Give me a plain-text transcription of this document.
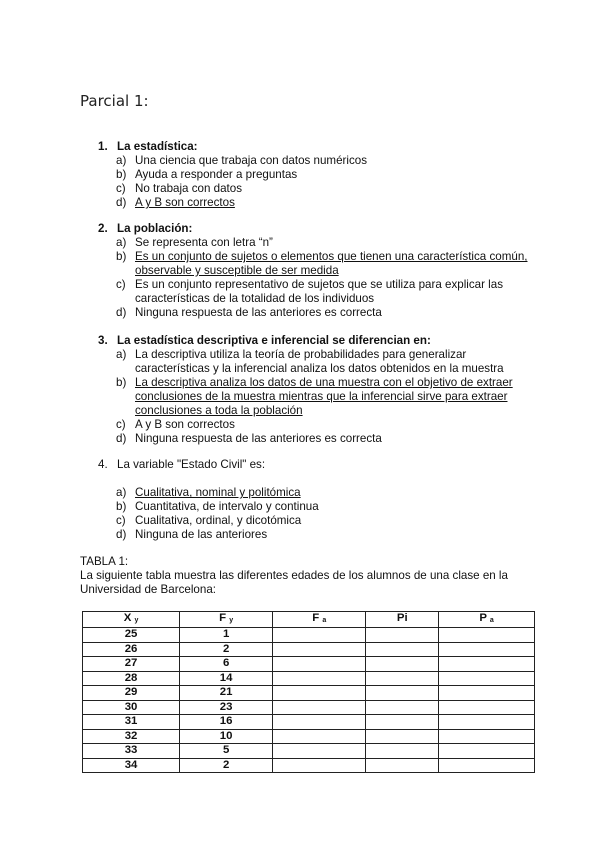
Parcial 1:
1. La estadística:
a) Una ciencia que trabaja con datos numéricos
b) Ayuda a responder a preguntas
c) No trabaja con datos
d) A y B son correctos
2. La población:
a) Se representa con letra “n”
b) Es un conjunto de sujetos o elementos que tienen una característica común,
observable y susceptible de ser medida
c) Es un conjunto representativo de sujetos que se utiliza para explicar las
características de la totalidad de los individuos
d) Ninguna respuesta de las anteriores es correcta
3. La estadística descriptiva e inferencial se diferencian en:
a) La descriptiva utiliza la teoría de probabilidades para generalizar
características y la inferencial analiza los datos obtenidos en la muestra
b) La descriptiva analiza los datos de una muestra con el objetivo de extraer
conclusiones de la muestra mientras que la inferencial sirve para extraer
conclusiones a toda la población
c) A y B son correctos
d) Ninguna respuesta de las anteriores es correcta
4. La variable "Estado Civil" es:
a) Cualitativa, nominal y politómica
b) Cuantitativa, de intervalo y continua
c) Cualitativa, ordinal, y dicotómica
d) Ninguna de las anteriores
TABLA 1:
La siguiente tabla muestra las diferentes edades de los alumnos de una clase en la
Universidad de Barcelona:
X $_y$	F $_y$	F $_a$	Pi	P $_a$
25	1			
26	2			
27	6			
28	14			
29	21			
30	23			
31	16			
32	10			
33	5			
34	2			
